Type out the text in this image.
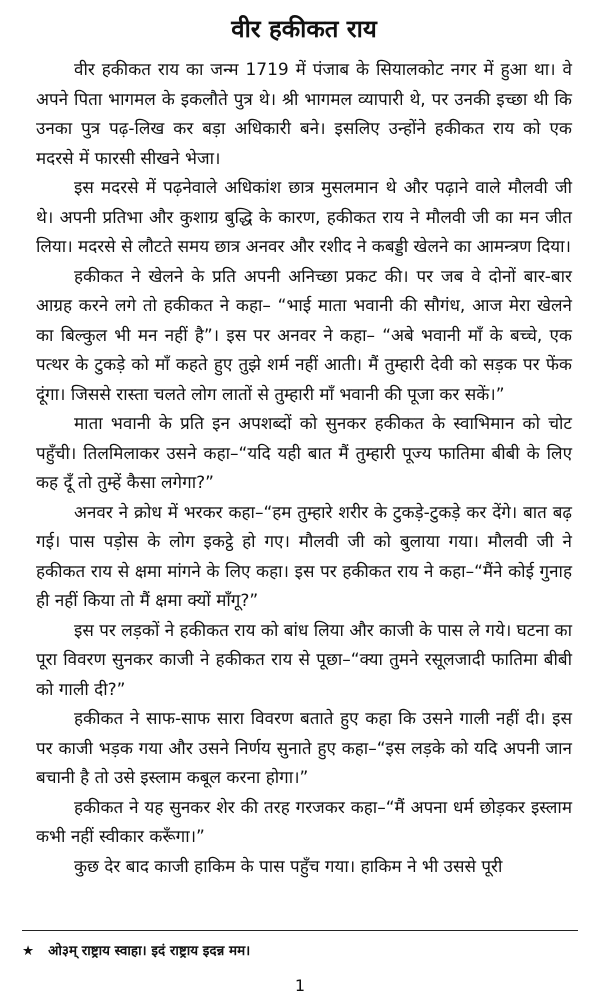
वीर हकीकत राय

वीर हकीकत राय का जन्म 1719 में पंजाब के सियालकोट नगर में हुआ था। वे अपने पिता भागमल के इकलौते पुत्र थे। श्री भागमल व्यापारी थे, पर उनकी इच्छा थी कि उनका पुत्र पढ़-लिख कर बड़ा अधिकारी बने। इसलिए उन्होंने हकीकत राय को एक मदरसे में फारसी सीखने भेजा।

इस मदरसे में पढ़नेवाले अधिकांश छात्र मुसलमान थे और पढ़ाने वाले मौलवी जी थे। अपनी प्रतिभा और कुशाग्र बुद्धि के कारण, हकीकत राय ने मौलवी जी का मन जीत लिया। मदरसे से लौटते समय छात्र अनवर और रशीद ने कबड्डी खेलने का आमन्त्रण दिया।

हकीकत ने खेलने के प्रति अपनी अनिच्छा प्रकट की। पर जब वे दोनों बार-बार आग्रह करने लगे तो हकीकत ने कहा– “भाई माता भवानी की सौगंध, आज मेरा खेलने का बिल्कुल भी मन नहीं है”। इस पर अनवर ने कहा– “अबे भवानी माँ के बच्चे, एक पत्थर के टुकड़े को माँ कहते हुए तुझे शर्म नहीं आती। मैं तुम्हारी देवी को सड़क पर फेंक दूंगा। जिससे रास्ता चलते लोग लातों से तुम्हारी माँ भवानी की पूजा कर सकें।”

माता भवानी के प्रति इन अपशब्दों को सुनकर हकीकत के स्वाभिमान को चोट पहुँची। तिलमिलाकर उसने कहा–“यदि यही बात मैं तुम्हारी पूज्य फातिमा बीबी के लिए कह दूँ तो तुम्हें कैसा लगेगा?”

अनवर ने क्रोध में भरकर कहा–“हम तुम्हारे शरीर के टुकड़े-टुकड़े कर देंगे। बात बढ़ गई। पास पड़ोस के लोग इकट्ठे हो गए। मौलवी जी को बुलाया गया। मौलवी जी ने हकीकत राय से क्षमा मांगने के लिए कहा। इस पर हकीकत राय ने कहा–“मैंने कोई गुनाह ही नहीं किया तो मैं क्षमा क्यों माँगू?”

इस पर लड़कों ने हकीकत राय को बांध लिया और काजी के पास ले गये। घटना का पूरा विवरण सुनकर काजी ने हकीकत राय से पूछा–“क्या तुमने रसूलजादी फातिमा बीबी को गाली दी?”

हकीकत ने साफ-साफ सारा विवरण बताते हुए कहा कि उसने गाली नहीं दी। इस पर काजी भड़क गया और उसने निर्णय सुनाते हुए कहा–“इस लड़के को यदि अपनी जान बचानी है तो उसे इस्लाम कबूल करना होगा।”

हकीकत ने यह सुनकर शेर की तरह गरजकर कहा–“मैं अपना धर्म छोड़कर इस्लाम कभी नहीं स्वीकार करूँगा।”

कुछ देर बाद काजी हाकिम के पास पहुँच गया। हाकिम ने भी उससे पूरी

★ ओ३म् राष्ट्राय स्वाहा। इदं राष्ट्राय इदन्न मम।
1
